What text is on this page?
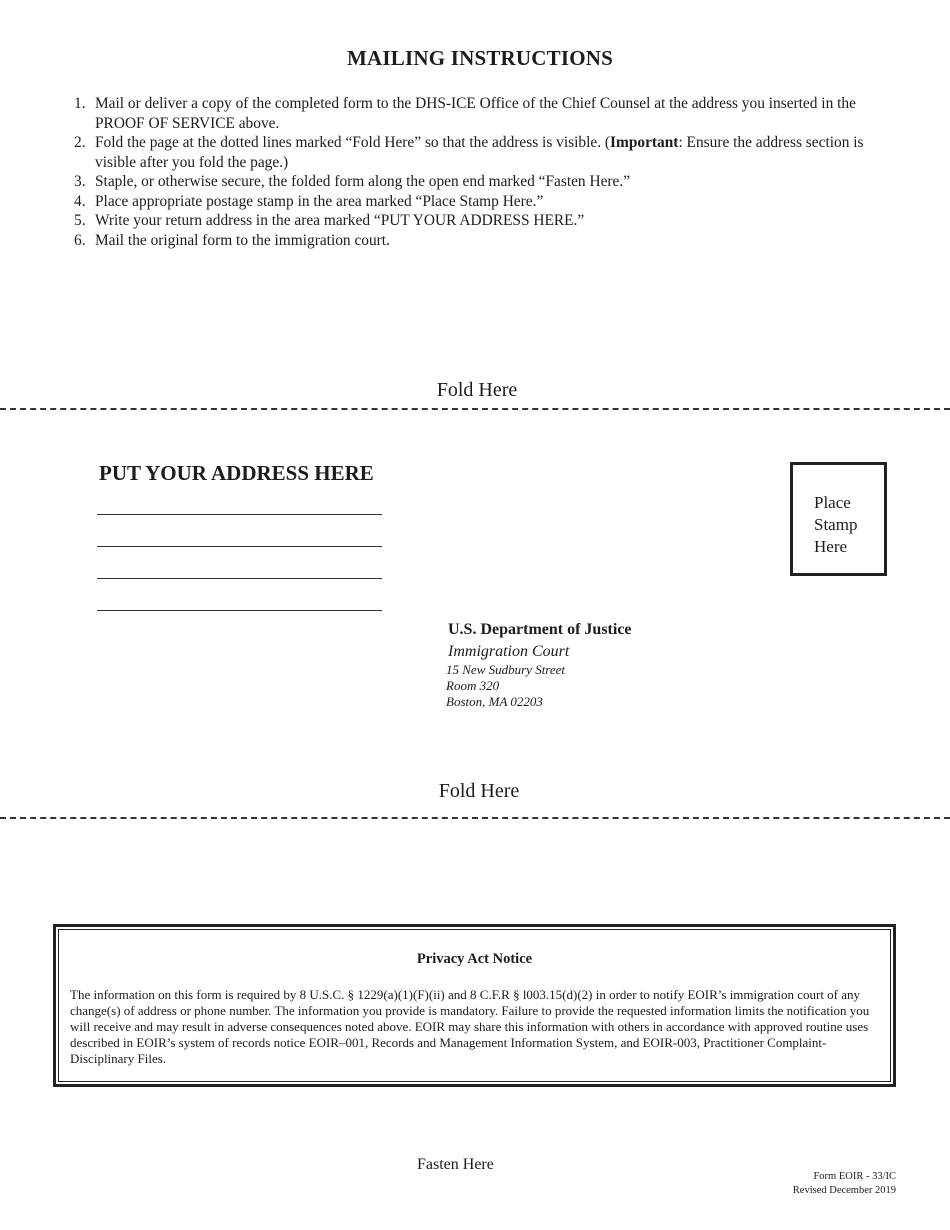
MAILING INSTRUCTIONS
1. Mail or deliver a copy of the completed form to the DHS-ICE Office of the Chief Counsel at the address you inserted in the PROOF OF SERVICE above.
2. Fold the page at the dotted lines marked “Fold Here” so that the address is visible. (Important: Ensure the address section is visible after you fold the page.)
3. Staple, or otherwise secure, the folded form along the open end marked “Fasten Here.”
4. Place appropriate postage stamp in the area marked “Place Stamp Here.”
5. Write your return address in the area marked “PUT YOUR ADDRESS HERE.”
6. Mail the original form to the immigration court.
Fold Here
PUT YOUR ADDRESS HERE
Place
Stamp
Here
U.S. Department of Justice
Immigration Court
15 New Sudbury Street
Room 320
Boston, MA 02203
Fold Here
Privacy Act Notice
The information on this form is required by 8 U.S.C. § 1229(a)(1)(F)(ii) and 8 C.F.R § l003.15(d)(2) in order to notify EOIR’s immigration court of any change(s) of address or phone number. The information you provide is mandatory. Failure to provide the requested information limits the notification you will receive and may result in adverse consequences noted above. EOIR may share this information with others in accordance with approved routine uses described in EOIR’s system of records notice EOIR–001, Records and Management Information System, and EOIR-003, Practitioner Complaint-Disciplinary Files.
Fasten Here
Form EOIR - 33/IC
Revised December 2019
